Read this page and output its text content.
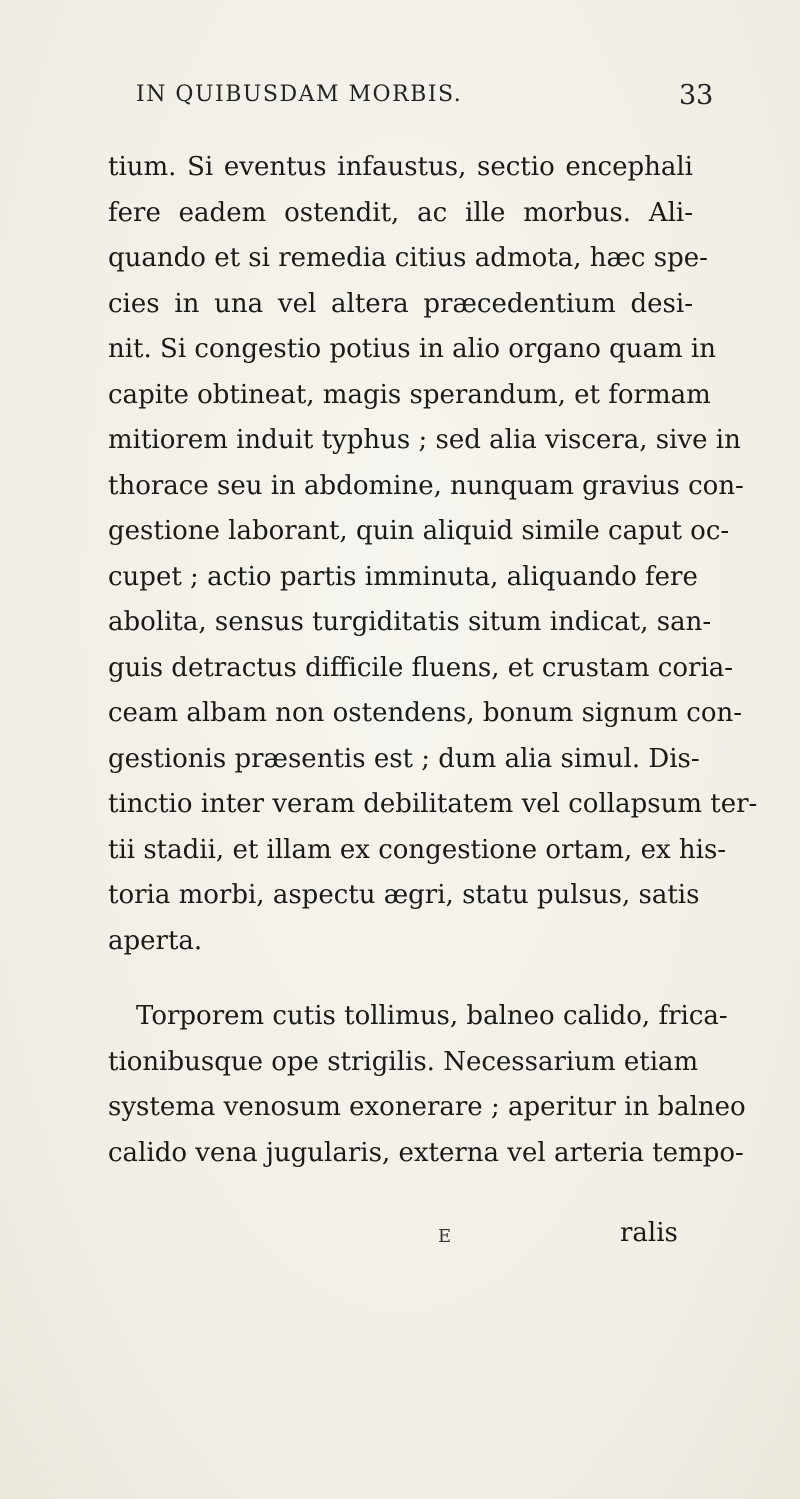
IN QUIBUSDAM MORBIS.	33
tium. Si eventus infaustus, sectio encephali
fere eadem ostendit, ac ille morbus. Ali-
quando et si remedia citius admota, hæc spe-
cies in una vel altera præcedentium desi-
nit. Si congestio potius in alio organo quam in
capite obtineat, magis sperandum, et formam
mitiorem induit typhus ; sed alia viscera, sive in
thorace seu in abdomine, nunquam gravius con-
gestione laborant, quin aliquid simile caput oc-
cupet ; actio partis imminuta, aliquando fere
abolita, sensus turgiditatis situm indicat, san-
guis detractus difficile fluens, et crustam coria-
ceam albam non ostendens, bonum signum con-
gestionis præsentis est ; dum alia simul. Dis-
tinctio inter veram debilitatem vel collapsum ter-
tii stadii, et illam ex congestione ortam, ex his-
toria morbi, aspectu ægri, statu pulsus, satis
aperta.
Torporem cutis tollimus, balneo calido, frica-
tionibusque ope strigilis. Necessarium etiam
systema venosum exonerare ; aperitur in balneo
calido vena jugularis, externa vel arteria tempo-
E	ralis
